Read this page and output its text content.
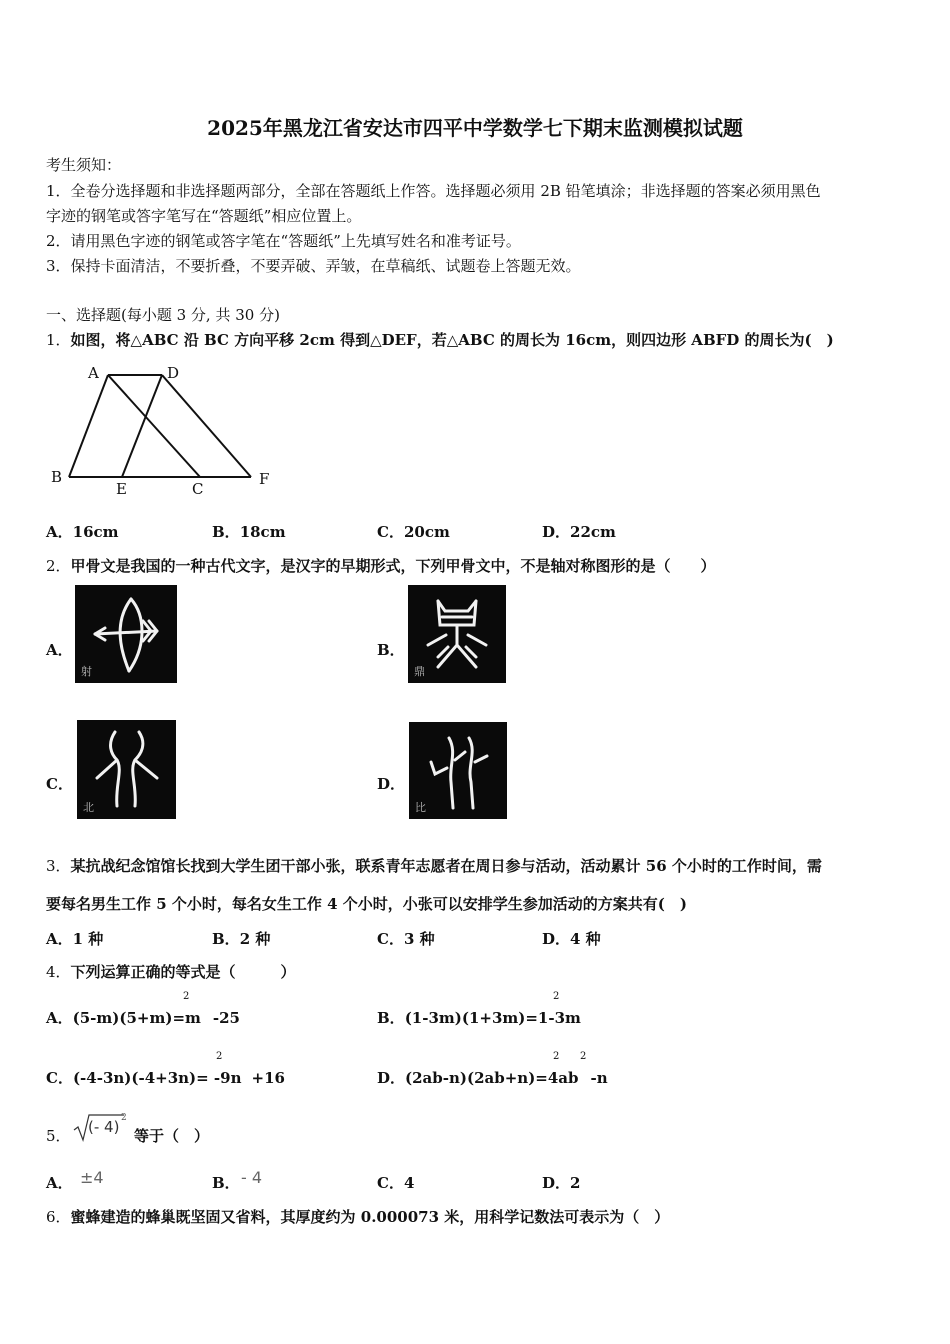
2025年黑龙江省安达市四平中学数学七下期末监测模拟试题
考生须知：
1．全卷分选择题和非选择题两部分，全部在答题纸上作答。选择题必须用 2B 铅笔填涂；非选择题的答案必须用黑色
字迹的钢笔或答字笔写在“答题纸”相应位置上。
2．请用黑色字迹的钢笔或答字笔在“答题纸”上先填写姓名和准考证号。
3．保持卡面清洁，不要折叠，不要弄破、弄皱，在草稿纸、试题卷上答题无效。
一、选择题(每小题 3 分, 共 30 分)
1．如图，将△ABC 沿 BC 方向平移 2cm 得到△DEF，若△ABC 的周长为 16cm，则四边形 ABFD 的周长为(　)
A	D
B
E	C
F
A．16cm	B．18cm	C．20cm	D．22cm
2．甲骨文是我国的一种古代文字，是汉字的早期形式，下列甲骨文中，不是轴对称图形的是（　　）
A．
射
B．
鼎
C．
北
D．
比
3．某抗战纪念馆馆长找到大学生团干部小张，联系青年志愿者在周日参与活动，活动累计 56 个小时的工作时间，需
要每名男生工作 5 个小时，每名女生工作 4 个小时，小张可以安排学生参加活动的方案共有(　)
A．1 种	B．2 种	C．3 种	D．4 种
4．下列运算正确的等式是（　　　）
A．(5-m)(5+m)=m -25
2
B．(1-3m)(1+3m)=1-3m
2
C．(-4-3n)(-4+3n)= -9n +16
2
D．(2ab-n)(2ab+n)=4ab -n
2 2
5． (- 4) 2
等于（　）
A． ±4	B． - 4	C．4	D．2
6．蜜蜂建造的蜂巢既坚固又省料，其厚度约为 0.000073 米，用科学记数法可表示为（　）
